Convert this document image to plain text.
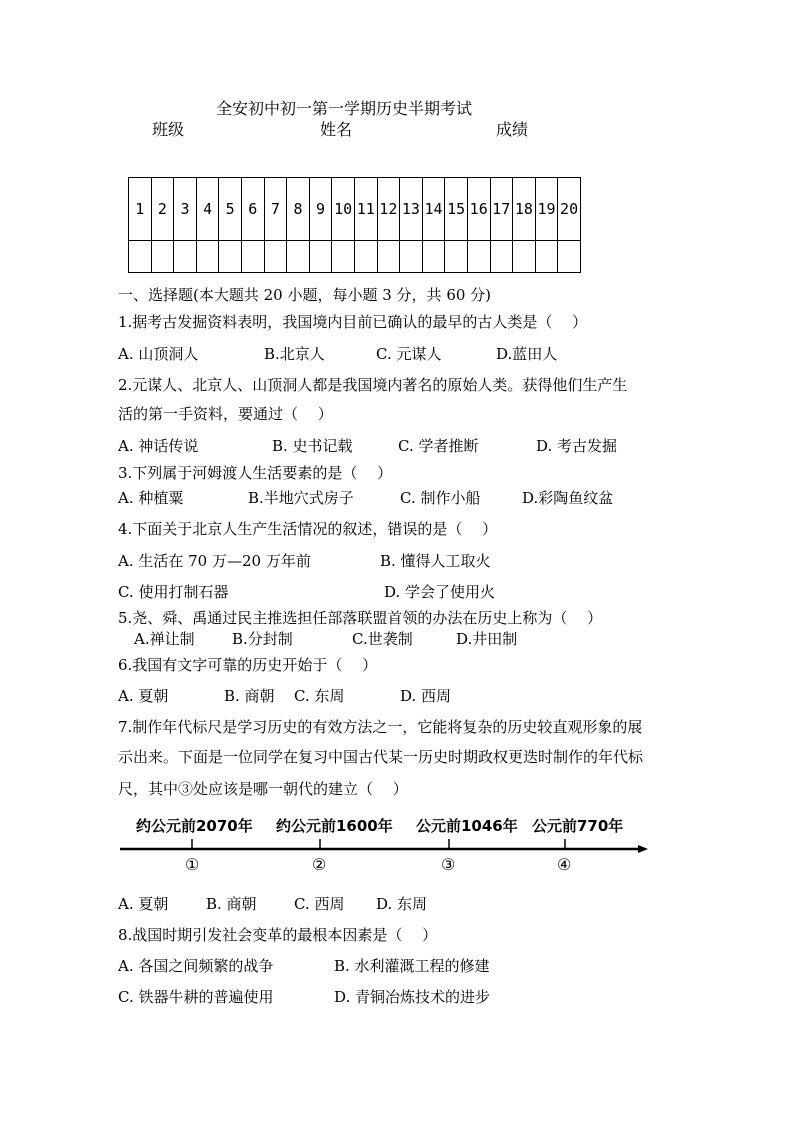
全安初中初一第一学期历史半期考试
班级	姓名	成绩
1	2	3	4	5	6	7	8	9	10	11	12	13	14	15	16	17	18	19	20

一、选择题(本大题共 20 小题，每小题 3 分，共 60 分)
1.据考古发掘资料表明，我国境内目前已确认的最早的古人类是（　 ）
A. 山顶洞人	B.北京人	C. 元谋人	D.蓝田人
2.元谋人、北京人、山顶洞人都是我国境内著名的原始人类。获得他们生产生
活的第一手资料，要通过（　 ）
A. 神话传说	B. 史书记载	C. 学者推断	D. 考古发掘
3.下列属于河姆渡人生活要素的是（　 ）
A. 种植粟	B.半地穴式房子	C. 制作小船	D.彩陶鱼纹盆
4.下面关于北京人生产生活情况的叙述，错误的是（　 ）
A. 生活在 70 万—20 万年前	B. 懂得人工取火
C. 使用打制石器	D. 学会了使用火
5.尧、舜、禹通过民主推选担任部落联盟首领的办法在历史上称为（　 ）
A.禅让制 B.分封制	C.世袭制	D.井田制
6.我国有文字可靠的历史开始于（　 ）
A. 夏朝	B. 商朝 C. 东周	D. 西周
7.制作年代标尺是学习历史的有效方法之一，它能将复杂的历史较直观形象的展
示出来。下面是一位同学在复习中国古代某一历史时期政权更迭时制作的年代标
尺，其中③处应该是哪一朝代的建立（　 ）
约公元前2070年 约公元前1600年 公元前1046年 公元前770年
①	②	③	④
A. 夏朝	B. 商朝 C. 西周 D. 东周
8.战国时期引发社会变革的最根本因素是（　 ）
A. 各国之间频繁的战争	B. 水利灌溉工程的修建
C. 铁器牛耕的普遍使用	D. 青铜冶炼技术的进步
